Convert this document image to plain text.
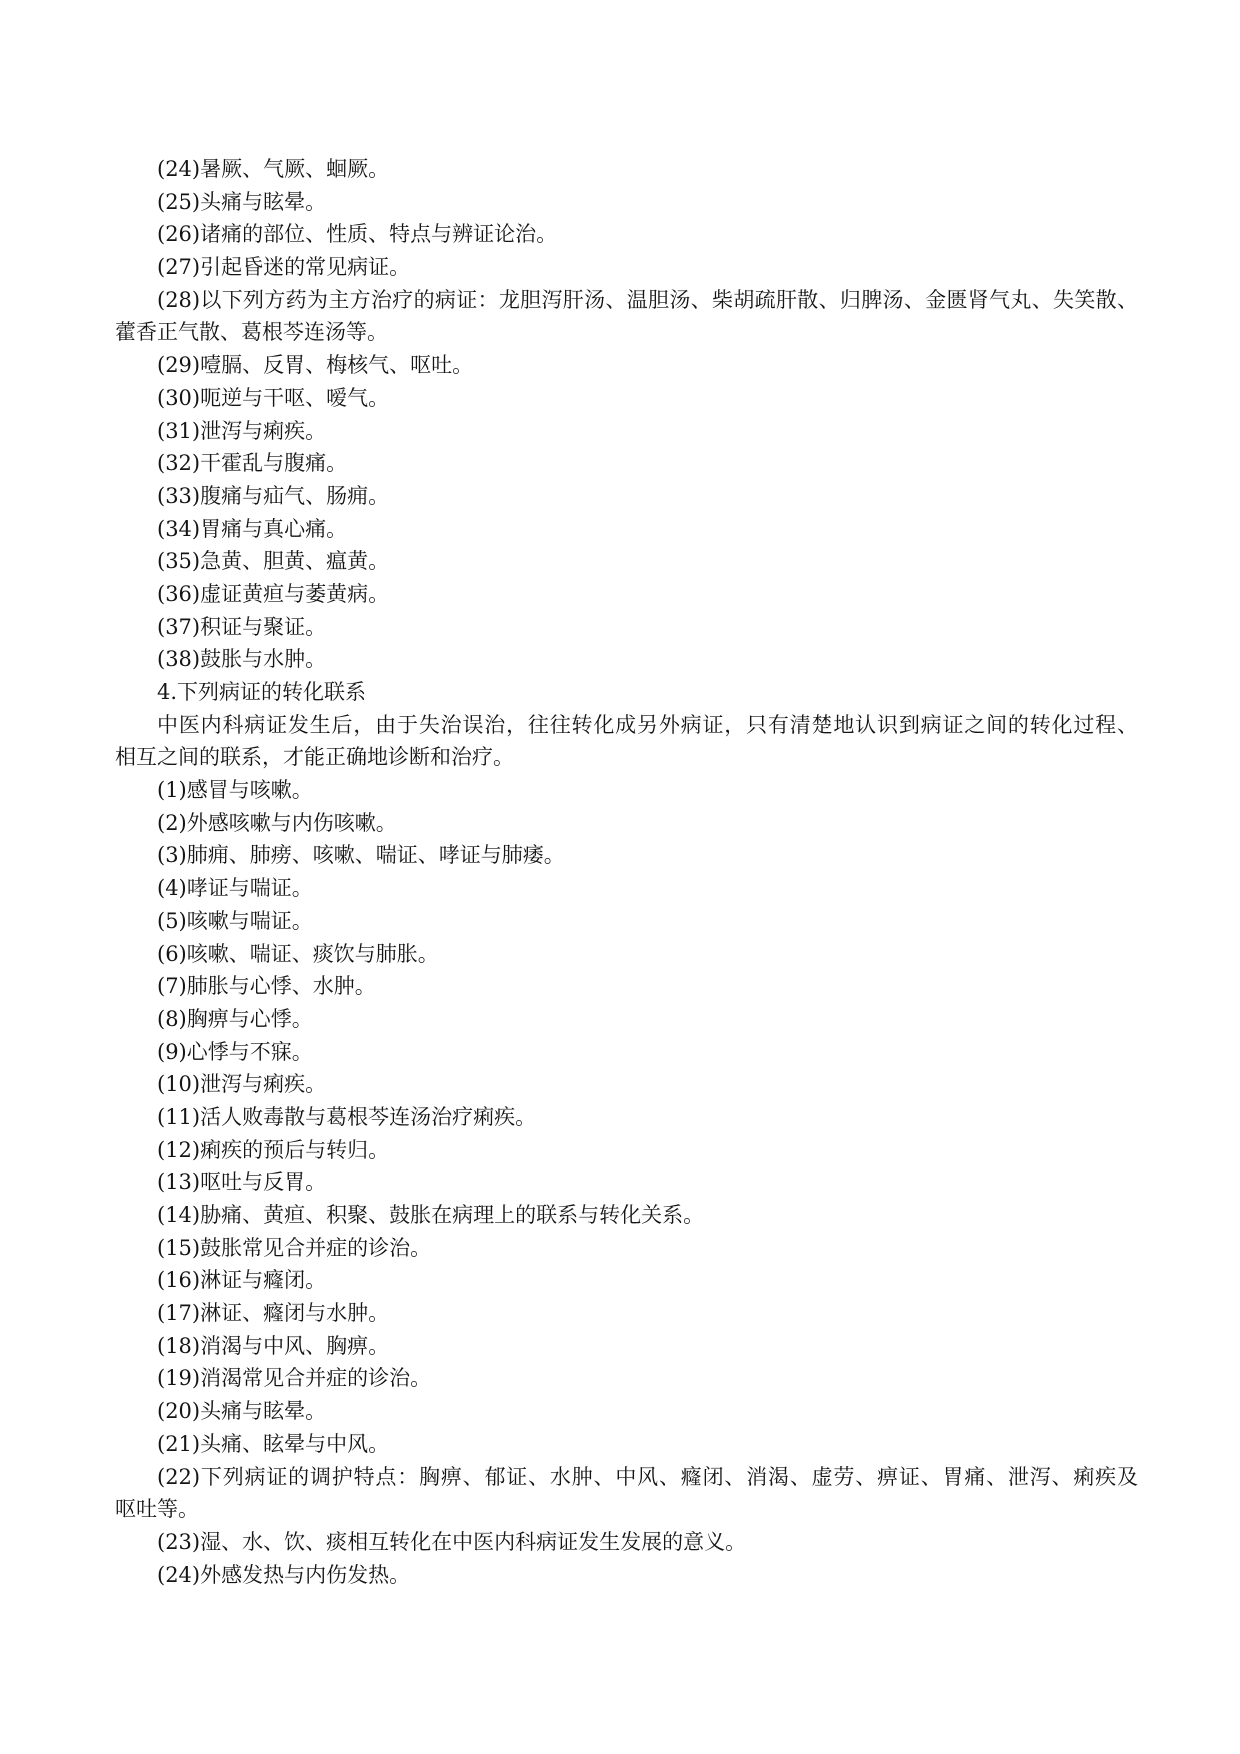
(24)暑厥、气厥、蛔厥。
(25)头痛与眩晕。
(26)诸痛的部位、性质、特点与辨证论治。
(27)引起昏迷的常见病证。
(28)以下列方药为主方治疗的病证：龙胆泻肝汤、温胆汤、柴胡疏肝散、归脾汤、金匮肾气丸、失笑散、
藿香正气散、葛根芩连汤等。
(29)噎膈、反胃、梅核气、呕吐。
(30)呃逆与干呕、嗳气。
(31)泄泻与痢疾。
(32)干霍乱与腹痛。
(33)腹痛与疝气、肠痈。
(34)胃痛与真心痛。
(35)急黄、胆黄、瘟黄。
(36)虚证黄疸与萎黄病。
(37)积证与聚证。
(38)鼓胀与水肿。
4.下列病证的转化联系
中医内科病证发生后，由于失治误治，往往转化成另外病证，只有清楚地认识到病证之间的转化过程、
相互之间的联系，才能正确地诊断和治疗。
(1)感冒与咳嗽。
(2)外感咳嗽与内伤咳嗽。
(3)肺痈、肺痨、咳嗽、喘证、哮证与肺痿。
(4)哮证与喘证。
(5)咳嗽与喘证。
(6)咳嗽、喘证、痰饮与肺胀。
(7)肺胀与心悸、水肿。
(8)胸痹与心悸。
(9)心悸与不寐。
(10)泄泻与痢疾。
(11)活人败毒散与葛根芩连汤治疗痢疾。
(12)痢疾的预后与转归。
(13)呕吐与反胃。
(14)胁痛、黄疸、积聚、鼓胀在病理上的联系与转化关系。
(15)鼓胀常见合并症的诊治。
(16)淋证与癃闭。
(17)淋证、癃闭与水肿。
(18)消渴与中风、胸痹。
(19)消渴常见合并症的诊治。
(20)头痛与眩晕。
(21)头痛、眩晕与中风。
(22)下列病证的调护特点：胸痹、郁证、水肿、中风、癃闭、消渴、虚劳、痹证、胃痛、泄泻、痢疾及
呕吐等。
(23)湿、水、饮、痰相互转化在中医内科病证发生发展的意义。
(24)外感发热与内伤发热。
